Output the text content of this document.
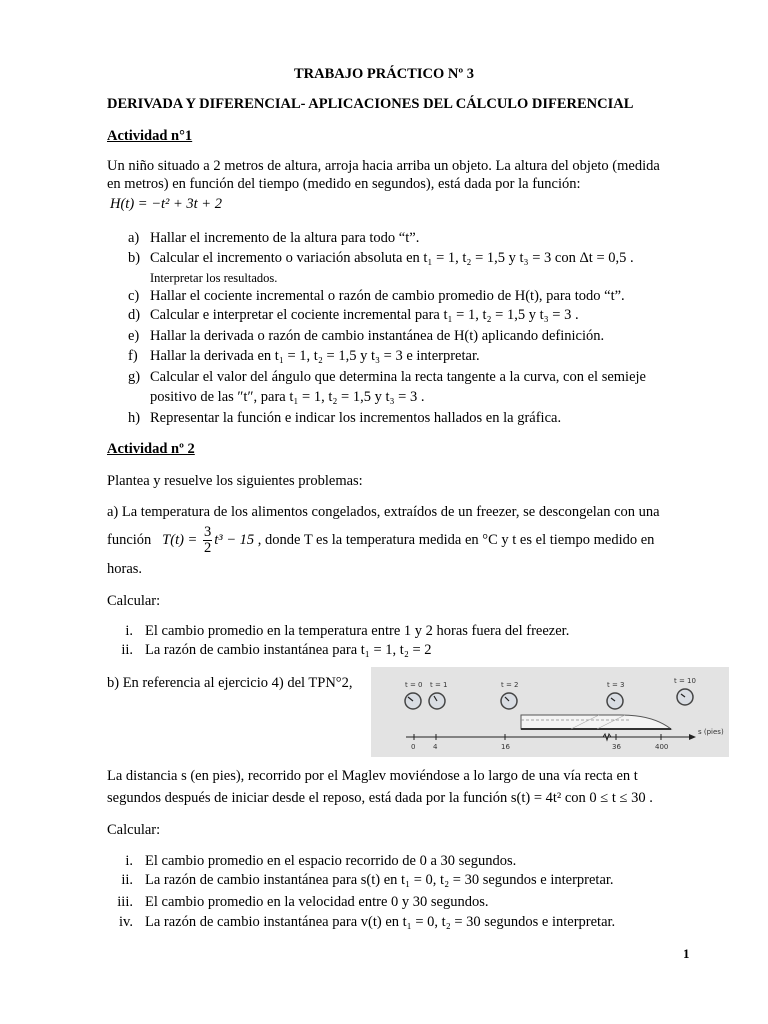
TRABAJO PRÁCTICO Nº 3
DERIVADA Y DIFERENCIAL- APLICACIONES DEL CÁLCULO DIFERENCIAL
Actividad n°1
Un niño situado a 2 metros de altura, arroja hacia arriba un objeto. La altura del objeto (medida
en metros) en función del tiempo (medido en segundos), está dada por la función:
H(t) = −t² + 3t + 2
a) Hallar el incremento de la altura para todo “t”.
b) Calcular el incremento o variación absoluta en t₁ = 1, t₂ = 1,5 y t₃ = 3 con Δt = 0,5 .
Interpretar los resultados.
c) Hallar el cociente incremental o razón de cambio promedio de H(t), para todo “t”.
d) Calcular e interpretar el cociente incremental para t₁ = 1, t₂ = 1,5 y t₃ = 3 .
e) Hallar la derivada o razón de cambio instantánea de H(t) aplicando definición.
f) Hallar la derivada en t₁ = 1, t₂ = 1,5 y t₃ = 3 e interpretar.
g) Calcular el valor del ángulo que determina la recta tangente a la curva, con el semieje
positivo de las ″t″, para t₁ = 1, t₂ = 1,5 y t₃ = 3 .
h) Representar la función e indicar los incrementos hallados en la gráfica.
Actividad nº 2
Plantea y resuelve los siguientes problemas:
a) La temperatura de los alimentos congelados, extraídos de un freezer, se descongelan con una
función $T(t) = \frac{3}{2} t^3 - 15$ , donde T es la temperatura medida en °C y t es el tiempo medido en
horas.
Calcular:
i. El cambio promedio en la temperatura entre 1 y 2 horas fuera del freezer.
ii. La razón de cambio instantánea para t₁ = 1, t₂ = 2
b) En referencia al ejercicio 4) del TPN°2,	t = 0 t = 1	t = 2	t = 3	t = 10
s (pies)
0	4	16	36	400
La distancia s (en pies), recorrido por el Maglev moviéndose a lo largo de una vía recta en t
segundos después de iniciar desde el reposo, está dada por la función s(t) = 4t² con 0 ≤ t ≤ 30 .
Calcular:
i. El cambio promedio en el espacio recorrido de 0 a 30 segundos.
ii. La razón de cambio instantánea para s(t) en t₁ = 0, t₂ = 30 segundos e interpretar.
iii. El cambio promedio en la velocidad entre 0 y 30 segundos.
iv. La razón de cambio instantánea para v(t) en t₁ = 0, t₂ = 30 segundos e interpretar.
1
